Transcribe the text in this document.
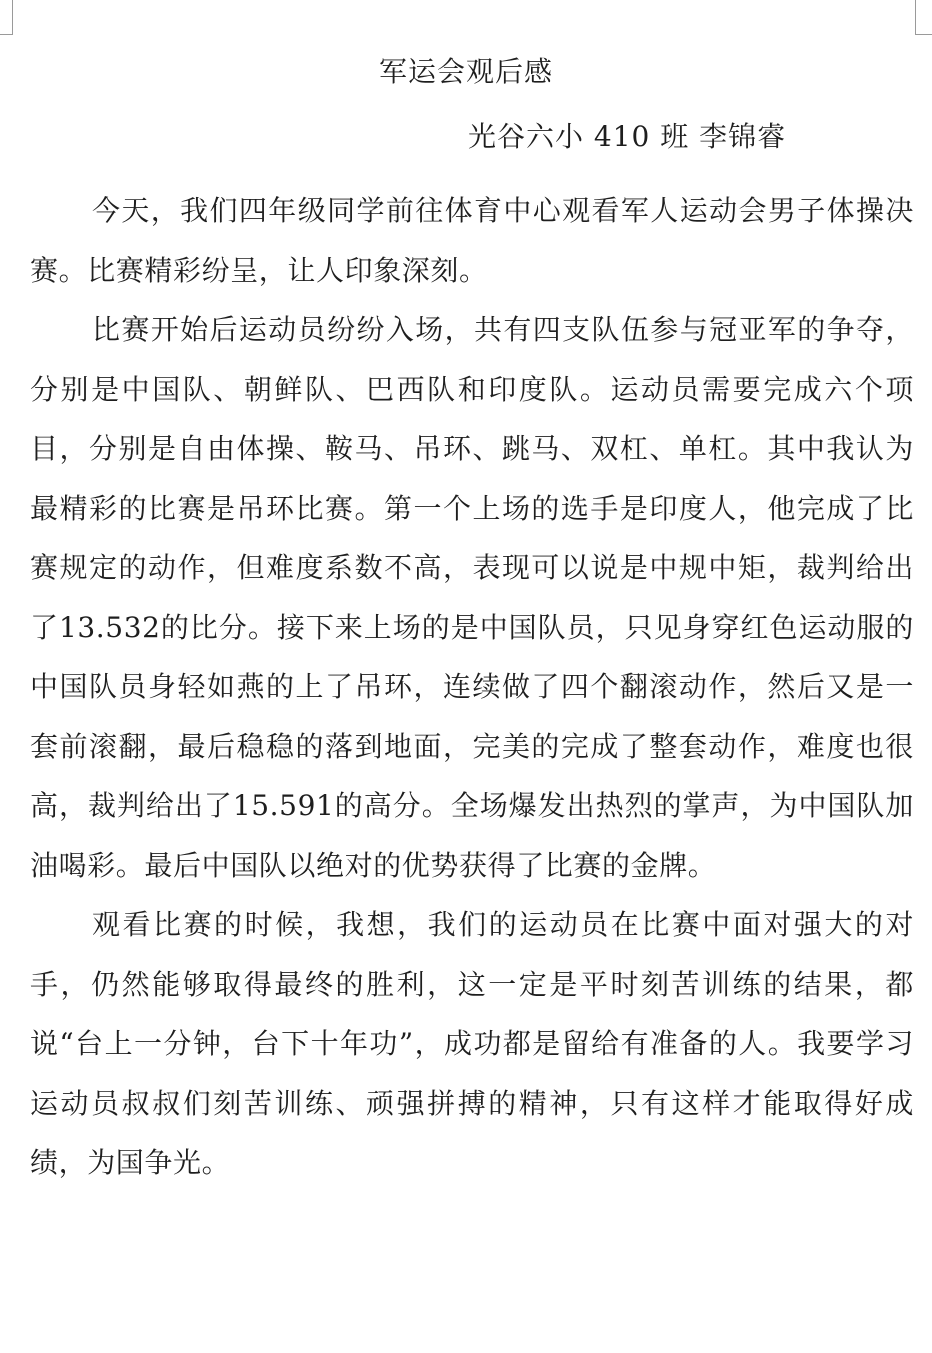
军运会观后感
光谷六小 410 班 李锦睿

今天，我们四年级同学前往体育中心观看军人运动会男子体操决赛。比赛精彩纷呈，让人印象深刻。

比赛开始后运动员纷纷入场，共有四支队伍参与冠亚军的争夺，分别是中国队、朝鲜队、巴西队和印度队。运动员需要完成六个项目，分别是自由体操、鞍马、吊环、跳马、双杠、单杠。其中我认为最精彩的比赛是吊环比赛。第一个上场的选手是印度人，他完成了比赛规定的动作，但难度系数不高，表现可以说是中规中矩，裁判给出了13.532的比分。接下来上场的是中国队员，只见身穿红色运动服的中国队员身轻如燕的上了吊环，连续做了四个翻滚动作，然后又是一套前滚翻，最后稳稳的落到地面，完美的完成了整套动作，难度也很高，裁判给出了15.591的高分。全场爆发出热烈的掌声，为中国队加油喝彩。最后中国队以绝对的优势获得了比赛的金牌。

观看比赛的时候，我想，我们的运动员在比赛中面对强大的对手，仍然能够取得最终的胜利，这一定是平时刻苦训练的结果，都说“台上一分钟，台下十年功”，成功都是留给有准备的人。我要学习运动员叔叔们刻苦训练、顽强拼搏的精神，只有这样才能取得好成绩，为国争光。
